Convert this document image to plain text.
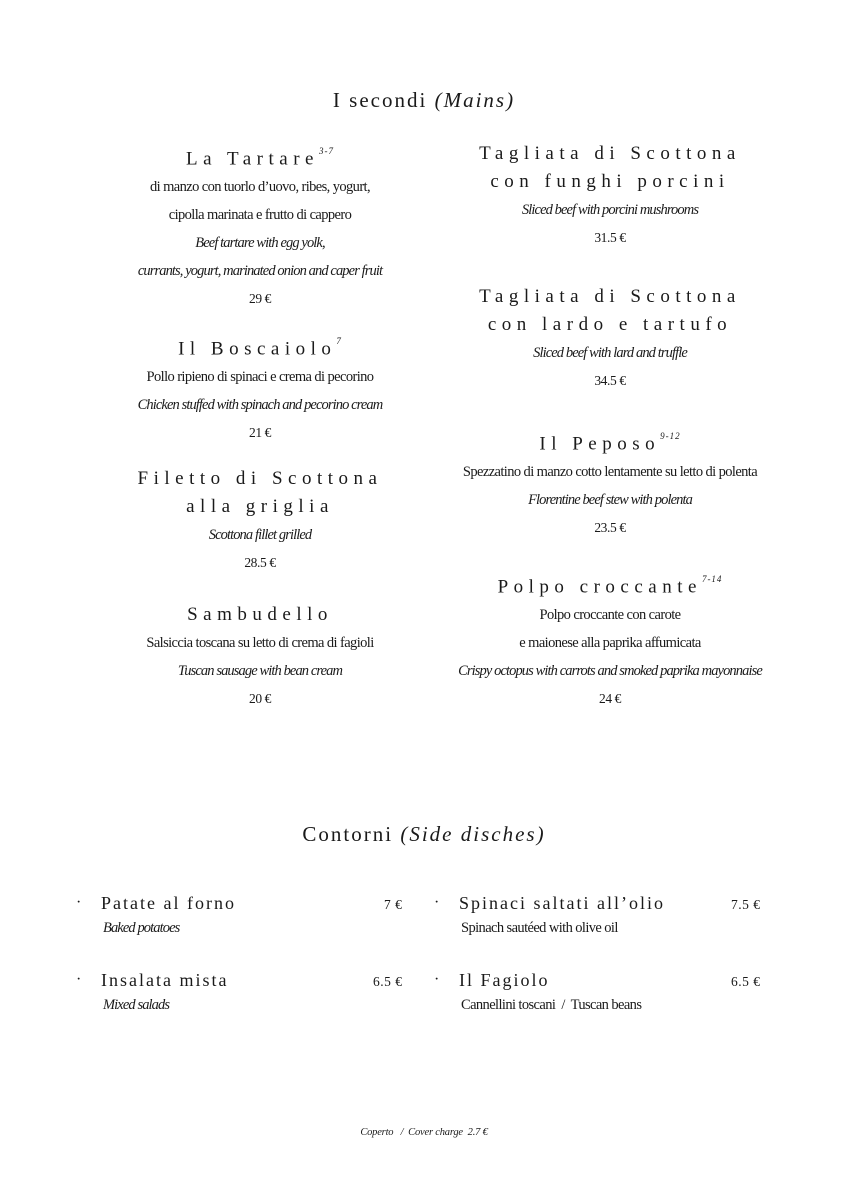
I secondi (Mains)
La Tartare$^{3-7}$
di manzo con tuorlo d’uovo, ribes, yogurt,
cipolla marinata e frutto di cappero
Beef tartare with egg yolk,
currants, yogurt, marinated onion and caper fruit
29 €
Il Boscaiolo$^7$
Pollo ripieno di spinaci e crema di pecorino
Chicken stuffed with spinach and pecorino cream
21 €
Filetto di Scottona
alla griglia
Scottona fillet grilled
28.5 €
Sambudello
Salsiccia toscana su letto di crema di fagioli
Tuscan sausage with bean cream
20 €
Tagliata di Scottona
con funghi porcini
Sliced beef with porcini mushrooms
31.5 €
Tagliata di Scottona
con lardo e tartufo
Sliced beef with lard and truffle
34.5 €
Il Peposo$^{9-12}$
Spezzatino di manzo cotto lentamente su letto di polenta
Florentine beef stew with polenta
23.5 €
Polpo croccante$^{7-14}$
Polpo croccante con carote
e maionese alla paprika affumicata
Crispy octopus with carrots and smoked paprika mayonnaise
24 €
Contorni (Side disches)
· Patate al forno	7 €
Baked potatoes
· Spinaci saltati all’olio	7.5 €
Spinach sautéed with olive oil
· Insalata mista	6.5 €
Mixed salads
· Il Fagiolo	6.5 €
Cannellini toscani  /  Tuscan beans
Coperto   /  Cover charge  2.7 €
